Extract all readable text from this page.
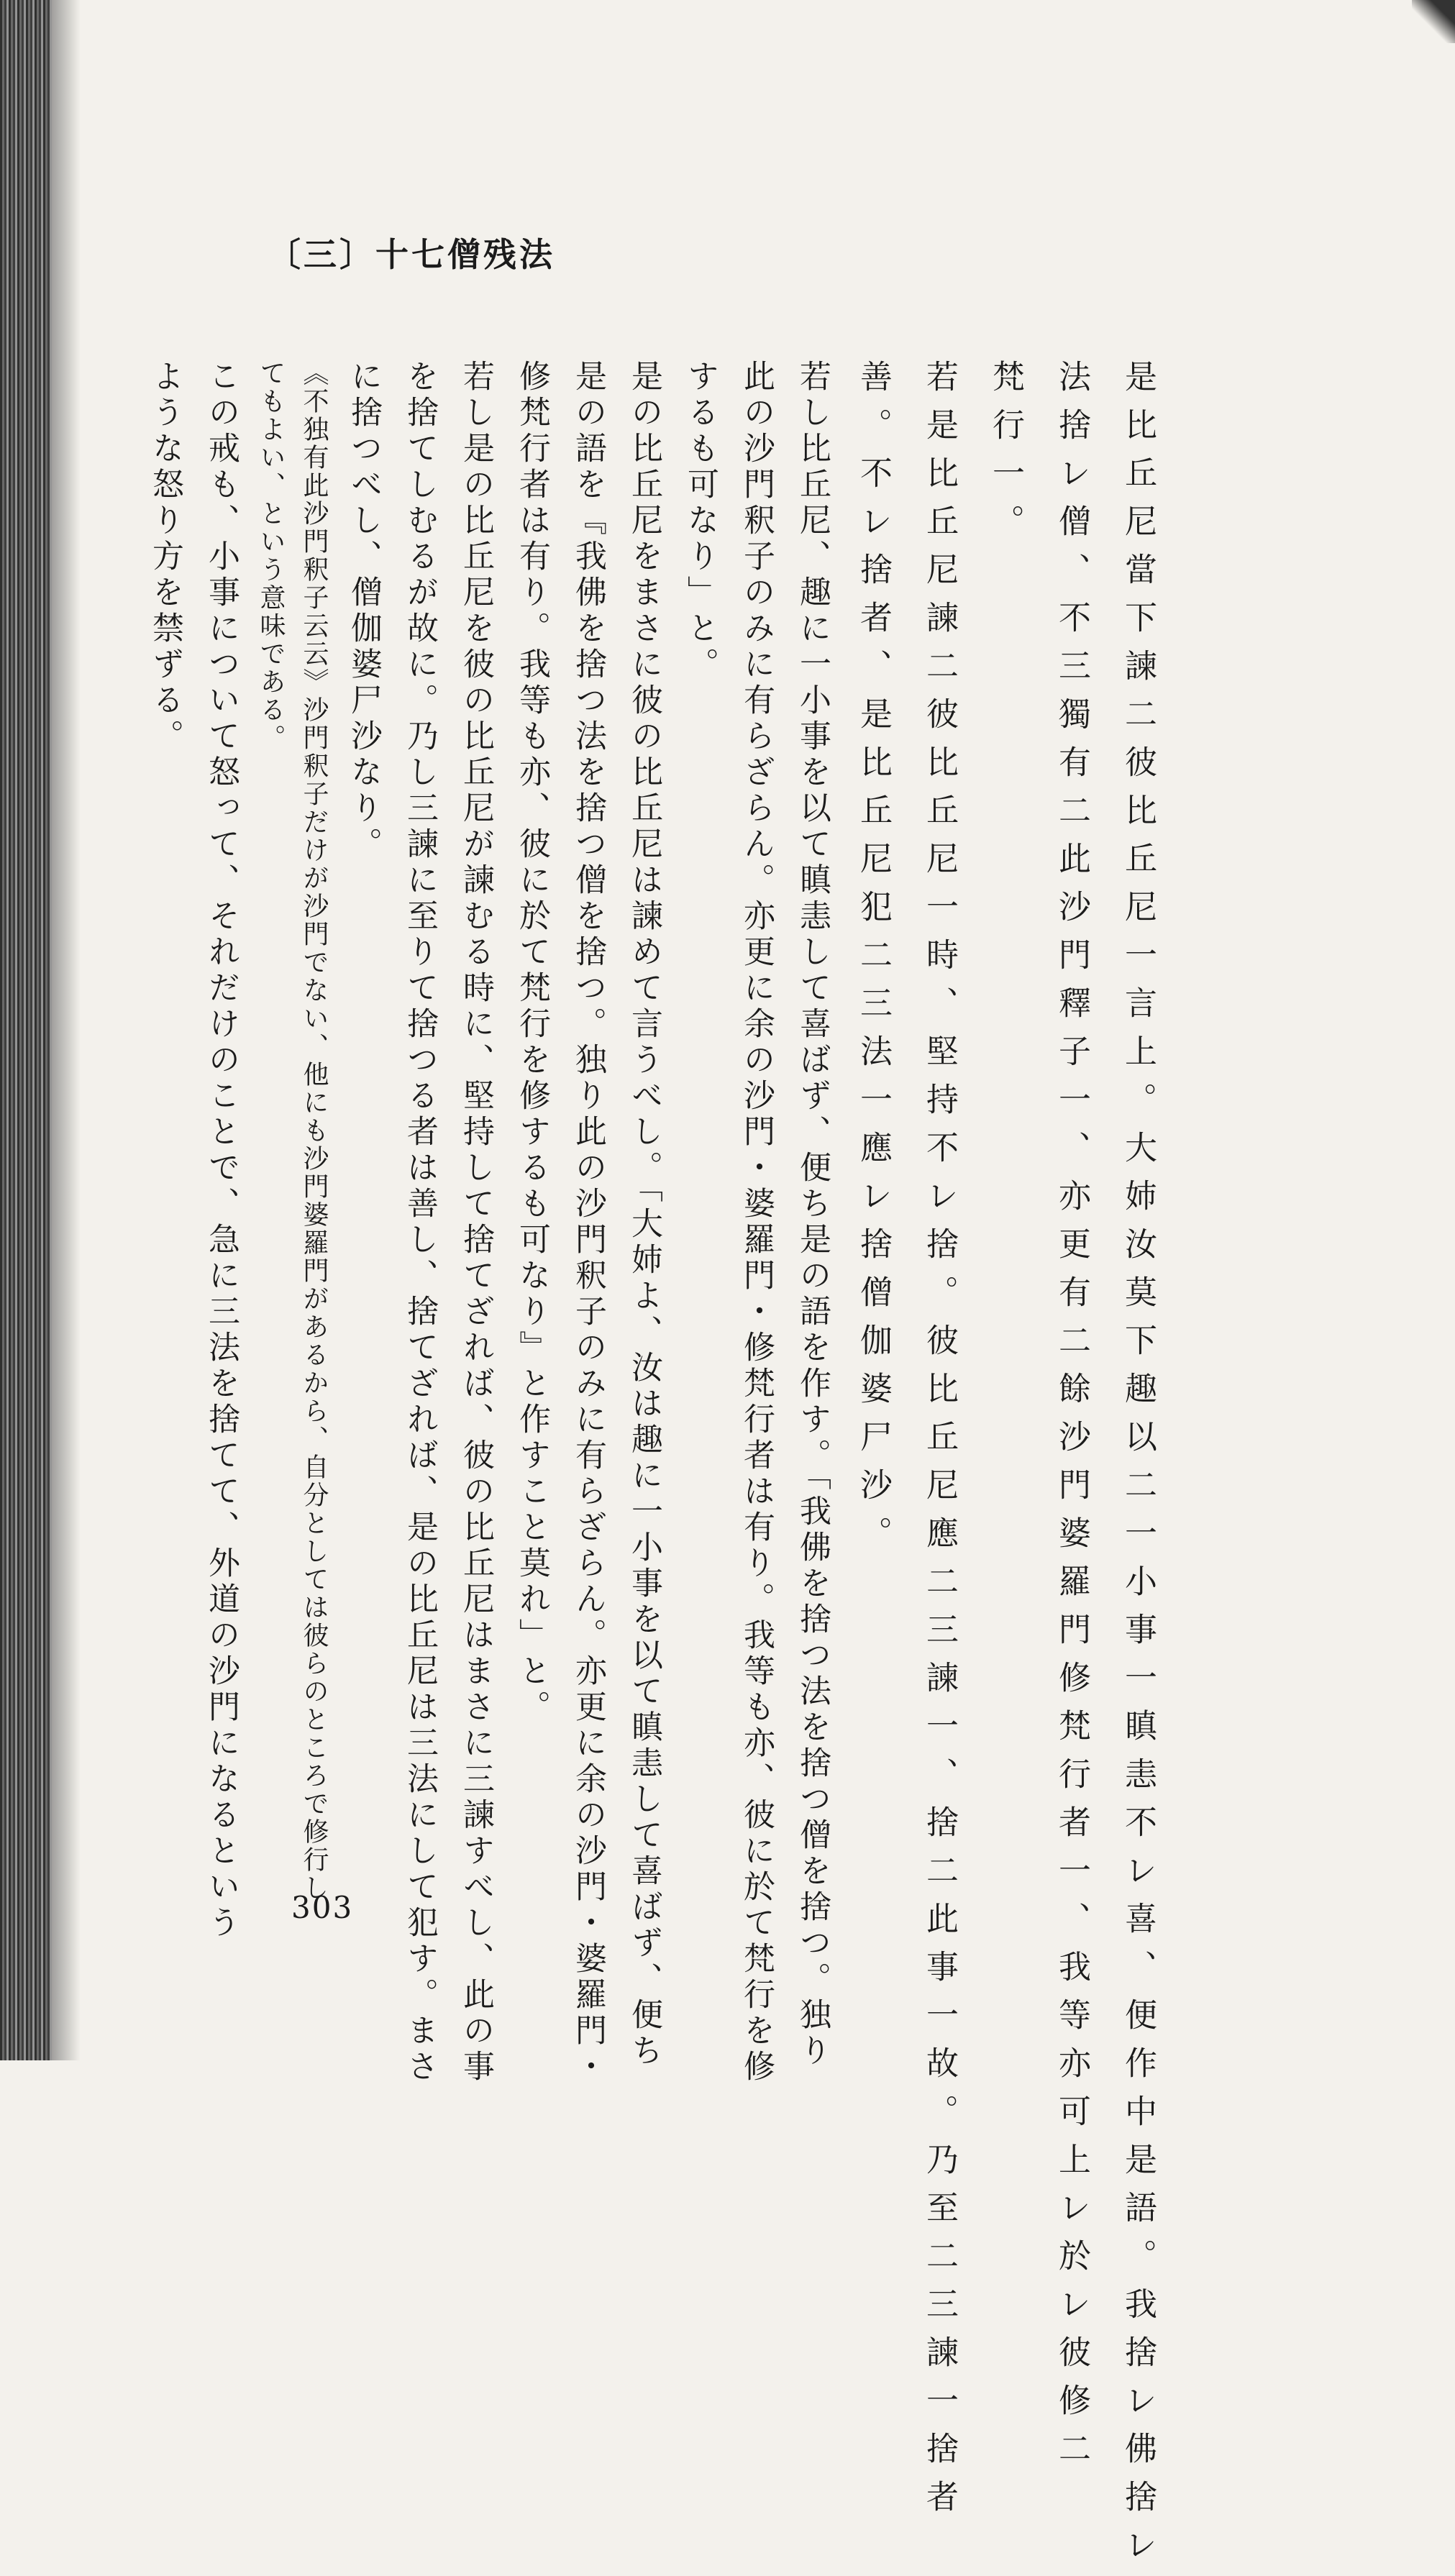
〔三〕十七僧残法
是比丘尼當下諫二彼比丘尼一言上。大姉汝莫下趣以二一小事一瞋恚不レ喜、便作中是語。我捨レ佛捨レ
法捨レ僧、不三獨有二此沙門釋子一、亦更有二餘沙門婆羅門修梵行者一、我等亦可上レ於レ彼修二
梵行一。
若是比丘尼諫二彼比丘尼一時、堅持不レ捨。彼比丘尼應二三諫一、捨二此事一故。乃至二三諫一捨者
善。不レ捨者、是比丘尼犯二三法一應レ捨僧伽婆尸沙。
若し比丘尼、趣に一小事を以て瞋恚して喜ばず、便ち是の語を作す。「我佛を捨つ法を捨つ僧を捨つ。独り
此の沙門釈子のみに有らざらん。亦更に余の沙門・婆羅門・修梵行者は有り。我等も亦、彼に於て梵行を修
するも可なり」と。
是の比丘尼をまさに彼の比丘尼は諫めて言うべし。「大姉よ、汝は趣に一小事を以て瞋恚して喜ばず、便ち
是の語を『我佛を捨つ法を捨つ僧を捨つ。独り此の沙門釈子のみに有らざらん。亦更に余の沙門・婆羅門・
修梵行者は有り。我等も亦、彼に於て梵行を修するも可なり』と作すこと莫れ」と。
若し是の比丘尼を彼の比丘尼が諫むる時に、堅持して捨てざれば、彼の比丘尼はまさに三諫すべし、此の事
を捨てしむるが故に。乃し三諫に至りて捨つる者は善し、捨てざれば、是の比丘尼は三法にして犯す。まさ
に捨つべし、僧伽婆尸沙なり。
《不独有此沙門釈子云云》沙門釈子だけが沙門でない、他にも沙門婆羅門があるから、自分としては彼らのところで修行し
てもよい、という意味である。
この戒も、小事について怒って、それだけのことで、急に三法を捨てて、外道の沙門になるという
ような怒り方を禁ずる。
303
